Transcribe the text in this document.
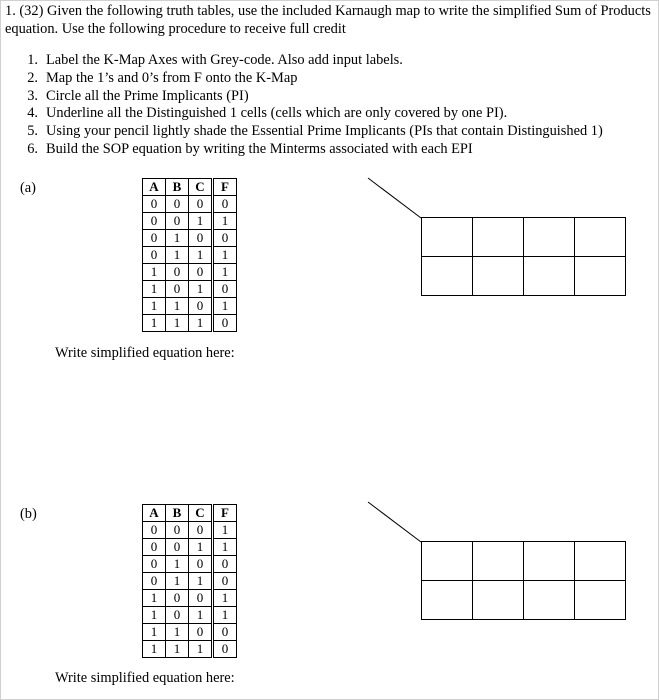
1. (32) Given the following truth tables, use the included Karnaugh map to write the simplified Sum of Products equation. Use the following procedure to receive full credit

1. Label the K-Map Axes with Grey-code. Also add input labels.
2. Map the 1’s and 0’s from F onto the K-Map
3. Circle all the Prime Implicants (PI)
4. Underline all the Distinguished 1 cells (cells which are only covered by one PI).
5. Using your pencil lightly shade the Essential Prime Implicants (PIs that contain Distinguished 1)
6. Build the SOP equation by writing the Minterms associated with each EPI
(a)	A	B	C	F
0	0	0	0
0	0	1	1
0	1	0	0
0	1	1	1
1	0	0	1
1	0	1	0
1	1	0	1
1	1	1	0
Write simplified equation here:

(b)	A	B	C	F
0	0	0	1
0	0	1	1
0	1	0	0
0	1	1	0
1	0	0	1
1	0	1	1
1	1	0	0
1	1	1	0
Write simplified equation here:
